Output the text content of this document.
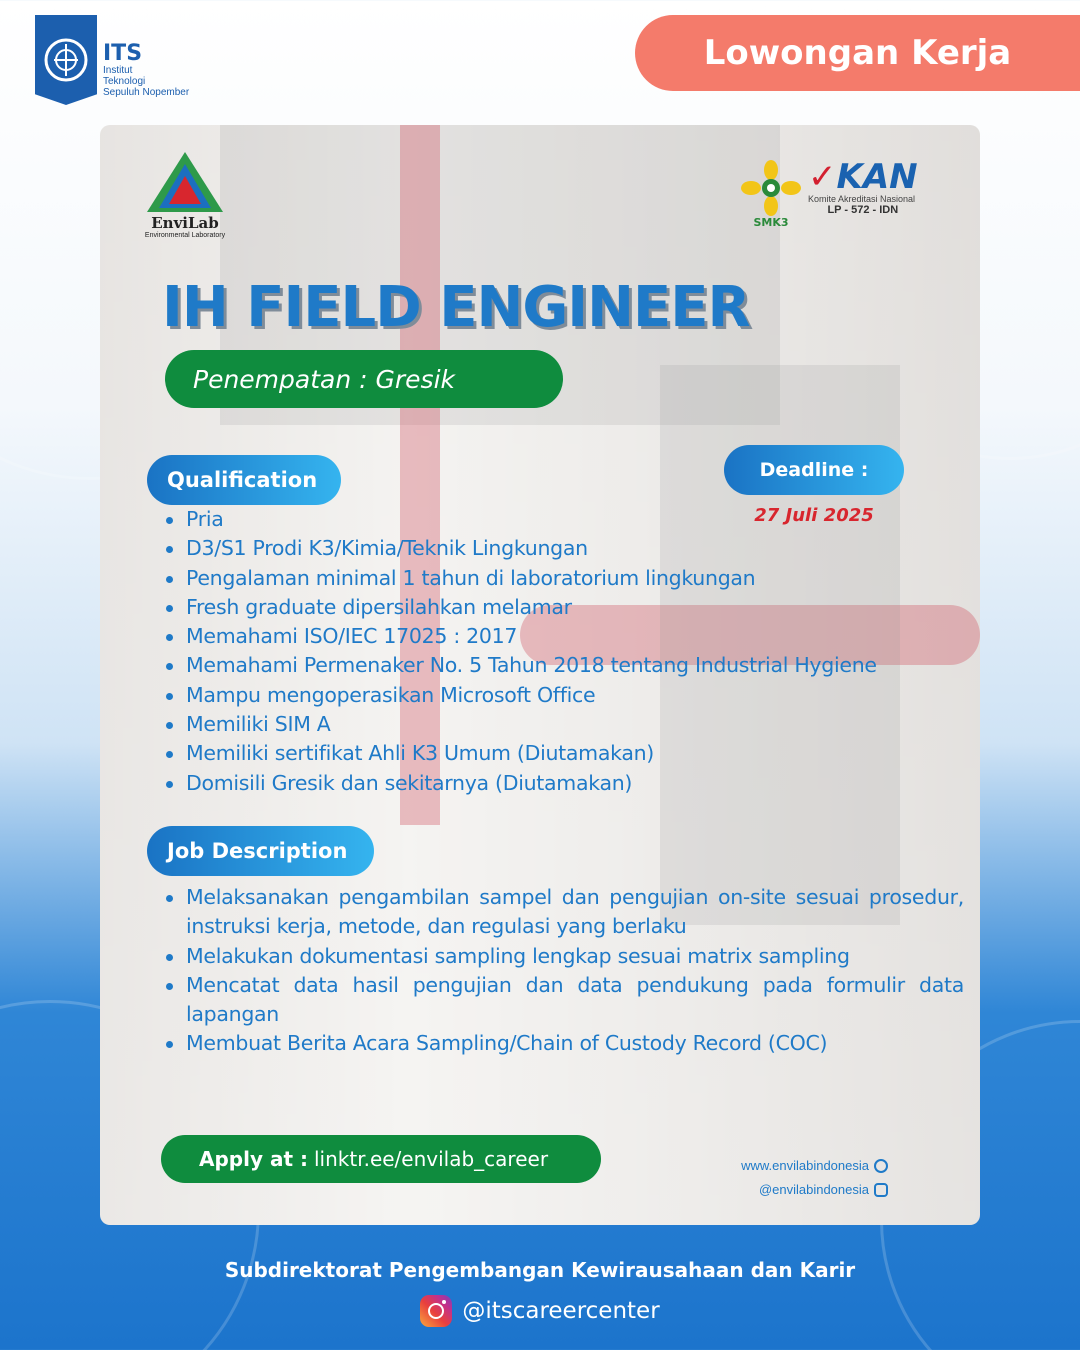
ITS
Institut
Teknologi
Sepuluh Nopember
Lowongan Kerja
EnviLab
Environmental Laboratory
SMK3
✓KAN
Komite Akreditasi Nasional
LP - 572 - IDN
IH FIELD ENGINEER
Penempatan : Gresik
Qualification	Deadline :
27 Juli 2025
Pria
D3/S1 Prodi K3/Kimia/Teknik Lingkungan
Pengalaman minimal 1 tahun di laboratorium lingkungan
Fresh graduate dipersilahkan melamar
Memahami ISO/IEC 17025 : 2017
Memahami Permenaker No. 5 Tahun 2018 tentang Industrial Hygiene
Mampu mengoperasikan Microsoft Office
Memiliki SIM A
Memiliki sertifikat Ahli K3 Umum (Diutamakan)
Domisili Gresik dan sekitarnya (Diutamakan)
Job Description
Melaksanakan pengambilan sampel dan pengujian on-site sesuai prosedur, instruksi kerja, metode, dan regulasi yang berlaku
Melakukan dokumentasi sampling lengkap sesuai matrix sampling
Mencatat data hasil pengujian dan data pendukung pada formulir data lapangan
Membuat Berita Acara Sampling/Chain of Custody Record (COC)
Apply at : linktr.ee/envilab_career	www.envilabindonesia
@envilabindonesia
Subdirektorat Pengembangan Kewirausahaan dan Karir
@itscareercenter
